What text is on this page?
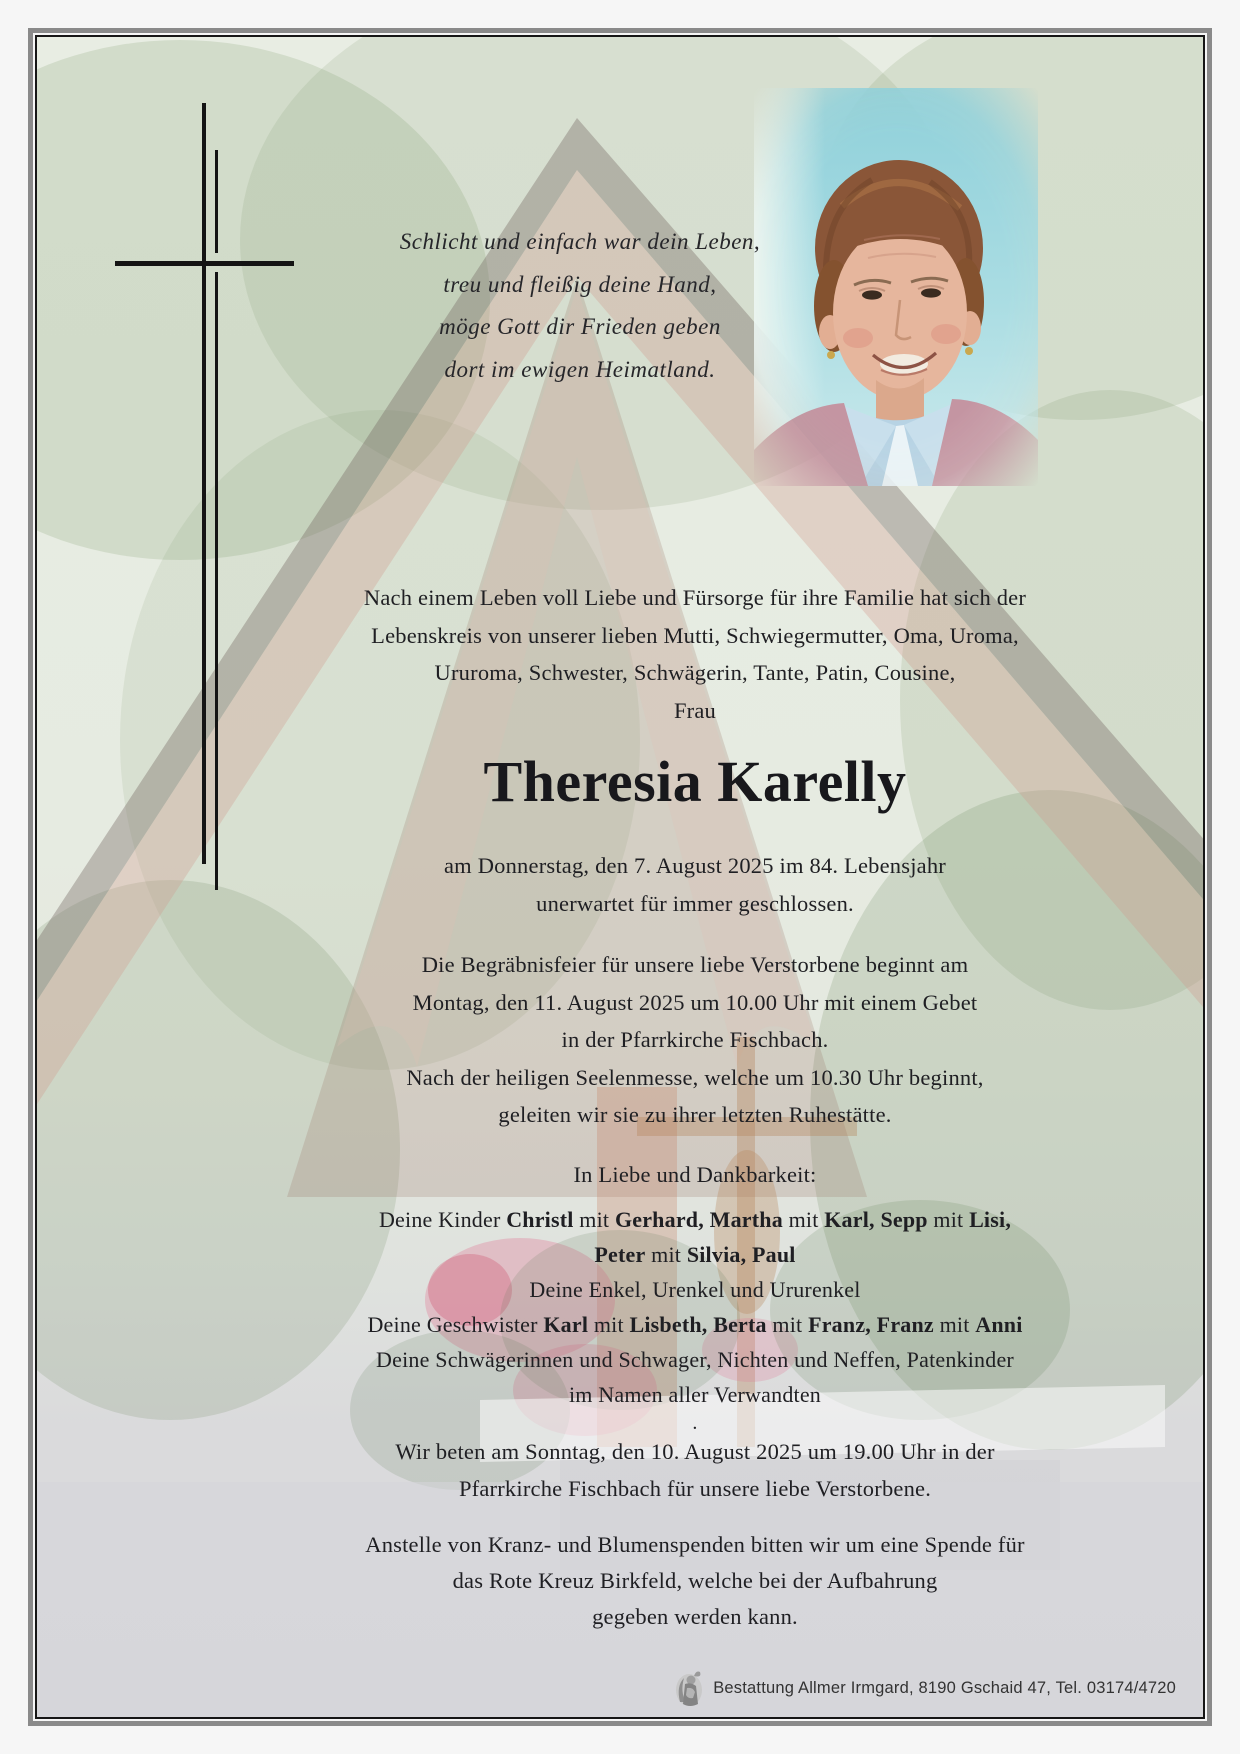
Schlicht und einfach war dein Leben,
treu und fleißig deine Hand,
möge Gott dir Frieden geben
dort im ewigen Heimatland.
Nach einem Leben voll Liebe und Fürsorge für ihre Familie hat sich der
Lebenskreis von unserer lieben Mutti, Schwiegermutter, Oma, Uroma,
Ururoma, Schwester, Schwägerin, Tante, Patin, Cousine,
Frau
Theresia Karelly
am Donnerstag, den 7. August 2025 im 84. Lebensjahr
unerwartet für immer geschlossen.
Die Begräbnisfeier für unsere liebe Verstorbene beginnt am
Montag, den 11. August 2025 um 10.00 Uhr mit einem Gebet
in der Pfarrkirche Fischbach.
Nach der heiligen Seelenmesse, welche um 10.30 Uhr beginnt,
geleiten wir sie zu ihrer letzten Ruhestätte.
In Liebe und Dankbarkeit:
Deine Kinder Christl mit Gerhard, Martha mit Karl, Sepp mit Lisi,
Peter mit Silvia, Paul
Deine Enkel, Urenkel und Ururenkel
Deine Geschwister Karl mit Lisbeth, Berta mit Franz, Franz mit Anni
Deine Schwägerinnen und Schwager, Nichten und Neffen, Patenkinder
im Namen aller Verwandten
.
Wir beten am Sonntag, den 10. August 2025 um 19.00 Uhr in der
Pfarrkirche Fischbach für unsere liebe Verstorbene.
Anstelle von Kranz- und Blumenspenden bitten wir um eine Spende für
das Rote Kreuz Birkfeld, welche bei der Aufbahrung
gegeben werden kann.
Bestattung Allmer Irmgard, 8190 Gschaid 47, Tel. 03174/4720
